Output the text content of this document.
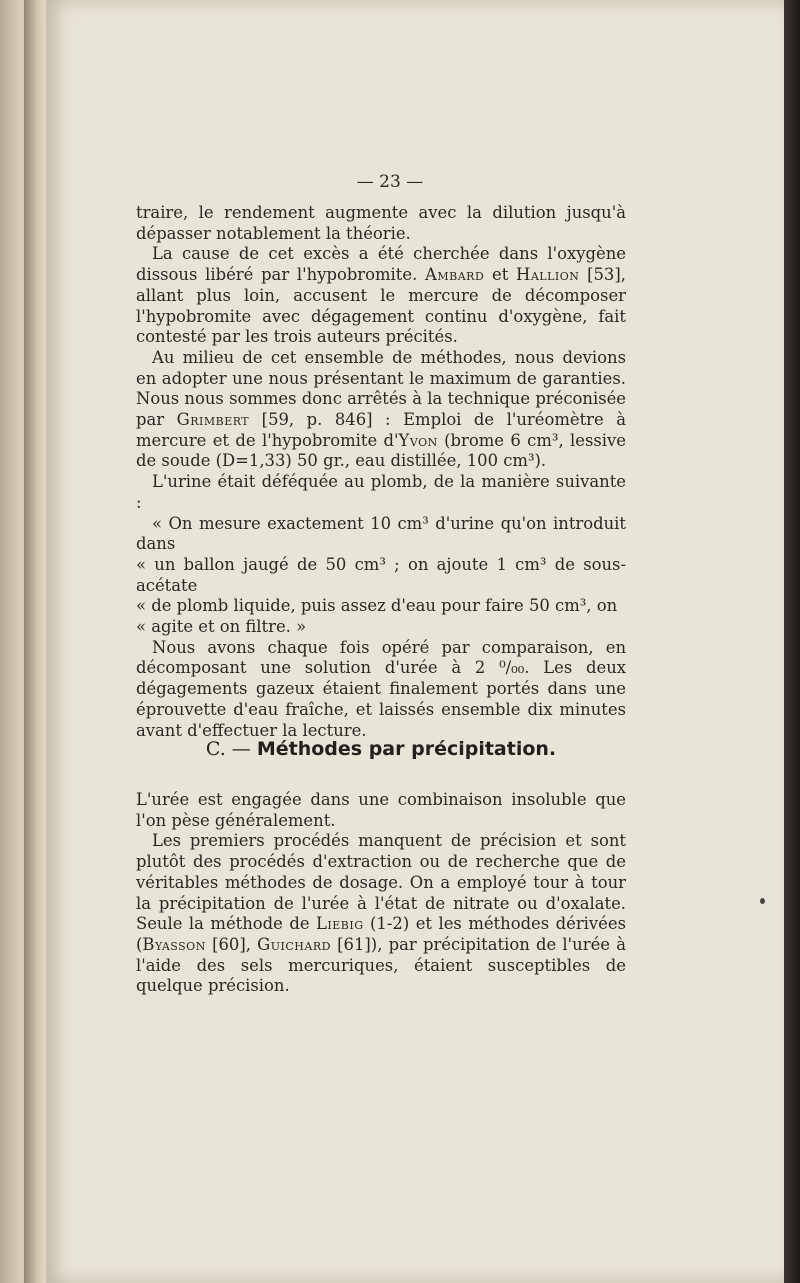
— 23 —

traire, le rendement augmente avec la dilution jusqu'à dépasser notablement la théorie.

La cause de cet excès a été cherchée dans l'oxygène dissous libéré par l'hypobromite. Ambard et Hallion [53], allant plus loin, accusent le mercure de décomposer l'hypobromite avec dégagement continu d'oxygène, fait contesté par les trois auteurs précités.

Au milieu de cet ensemble de méthodes, nous devions en adopter une nous présentant le maximum de garanties. Nous nous sommes donc arrêtés à la technique préconisée par Grimbert [59, p. 846] : Emploi de l'uréomètre à mercure et de l'hypobromite d'Yvon (brome 6 cm³, lessive de soude (D=1,33) 50 gr., eau distillée, 100 cm³).

L'urine était déféquée au plomb, de la manière suivante :

« On mesure exactement 10 cm³ d'urine qu'on introduit dans

« un ballon jaugé de 50 cm³ ; on ajoute 1 cm³ de sous-acétate

« de plomb liquide, puis assez d'eau pour faire 50 cm³, on

« agite et on filtre. »

Nous avons chaque fois opéré par comparaison, en décomposant une solution d'urée à 2 ⁰/₀₀. Les deux dégagements gazeux étaient finalement portés dans une éprouvette d'eau fraîche, et laissés ensemble dix minutes avant d'effectuer la lecture.

C. — Méthodes par précipitation.

L'urée est engagée dans une combinaison insoluble que l'on pèse généralement.

Les premiers procédés manquent de précision et sont plutôt des procédés d'extraction ou de recherche que de véritables méthodes de dosage. On a employé tour à tour la précipitation de l'urée à l'état de nitrate ou d'oxalate. Seule la méthode de Liebig (1-2) et les méthodes dérivées (Byasson [60], Guichard [61]), par précipitation de l'urée à l'aide des sels mercuriques, étaient susceptibles de quelque précision.
